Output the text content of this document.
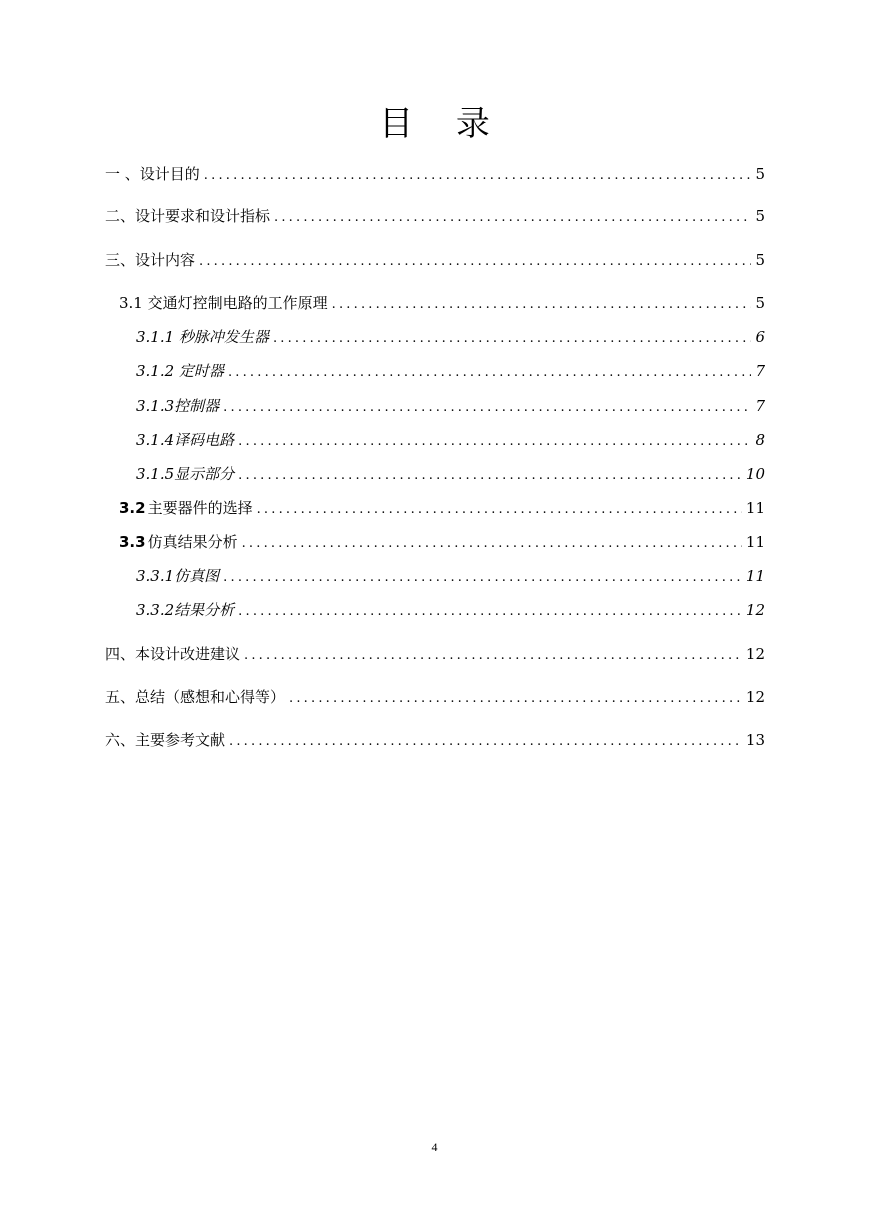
目 录
一 、设计目的 .....	5
二、设计要求和设计指标 .....	5
三、设计内容 .....	5
3.1 交通灯控制电路的工作原理 .....	5
3.1.1 秒脉冲发生器 .....	6
3.1.2 定时器 .....	7
3.1.3控制器 .....	7
3.1.4译码电路 .....	8
3.1.5显示部分 .....	10
3.2 主要器件的选择 .....	11
3.3 仿真结果分析 .....	11
3.3.1仿真图 .....	11
3.3.2结果分析 .....	12
四、本设计改进建议 .....	12
五、总结（感想和心得等） .....	12
六、主要参考文献 .....	13
4
